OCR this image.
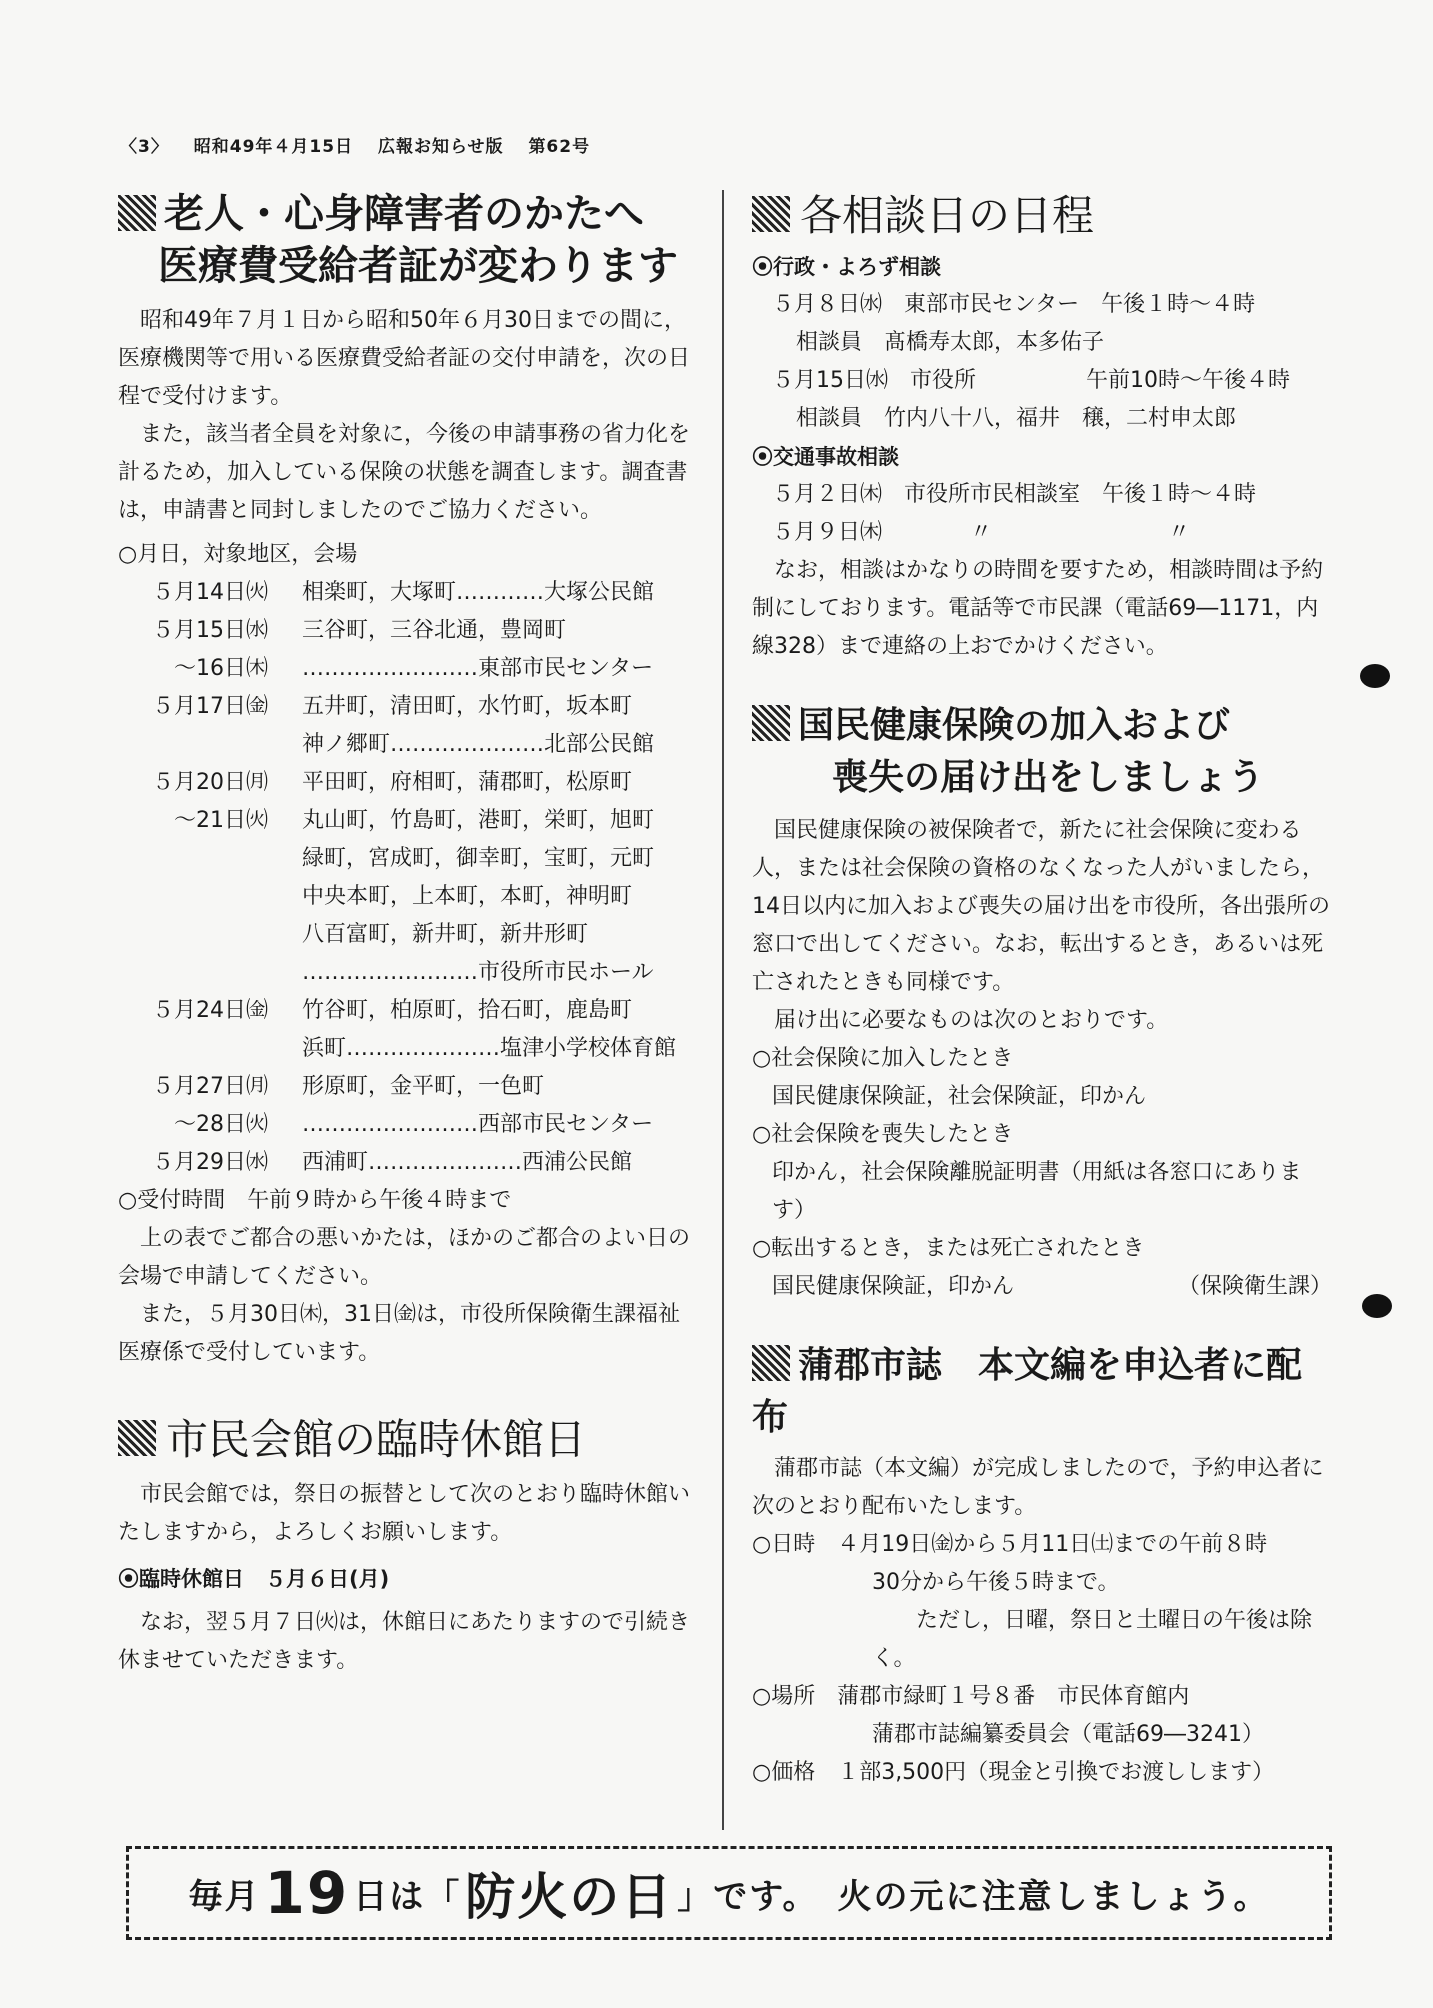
〈3〉 昭和49年４月15日 広報お知らせ版 第62号
老人・心身障害者のかたへ
医療費受給者証が変わります

昭和49年７月１日から昭和50年６月30日までの間に，医療機関等で用いる医療費受給者証の交付申請を，次の日程で受付けます。

また，該当者全員を対象に，今後の申請事務の省力化を計るため，加入している保険の状態を調査します。調査書は，申請書と同封しましたのでご協力ください。

○月日，対象地区，会場

５月14日㈫	相楽町，大塚町…………大塚公民館
５月15日㈬	三谷町，三谷北通，豊岡町
　～16日㈭	……………………東部市民センター
５月17日㈮	五井町，清田町，水竹町，坂本町
神ノ郷町…………………北部公民館
５月20日㈪	平田町，府相町，蒲郡町，松原町
　～21日㈫	丸山町，竹島町，港町，栄町，旭町
緑町，宮成町，御幸町，宝町，元町
中央本町，上本町，本町，神明町
八百富町，新井町，新井形町
……………………市役所市民ホール
５月24日㈮	竹谷町，柏原町，拾石町，鹿島町
浜町…………………塩津小学校体育館
５月27日㈪	形原町，金平町，一色町
　～28日㈫	……………………西部市民センター
５月29日㈬	西浦町…………………西浦公民館

○受付時間　午前９時から午後４時まで

上の表でご都合の悪いかたは，ほかのご都合のよい日の会場で申請してください。

また，５月30日㈭，31日㈮は，市役所保険衛生課福祉医療係で受付しています。

市民会館の臨時休館日

市民会館では，祭日の振替として次のとおり臨時休館いたしますから，よろしくお願いします。

⦿臨時休館日　５月６日(月)

なお，翌５月７日㈫は，休館日にあたりますので引続き休ませていただきます。

各相談日の日程

⦿行政・よろず相談

５月８日㈬　東部市民センター　午後１時～４時

相談員　髙橋寿太郎，本多佑子

５月15日㈬　市役所　　　　　午前10時～午後４時

相談員　竹内八十八，福井　穣，二村申太郎

⦿交通事故相談

５月２日㈭　市役所市民相談室　午後１時～４時

５月９日㈭　　　　〃　　　　　　　　〃

なお，相談はかなりの時間を要すため，相談時間は予約制にしております。電話等で市民課（電話69―1171，内線328）まで連絡の上おでかけください。

国民健康保険の加入および
喪失の届け出をしましょう

国民健康保険の被保険者で，新たに社会保険に変わる人，または社会保険の資格のなくなった人がいましたら，14日以内に加入および喪失の届け出を市役所，各出張所の窓口で出してください。なお，転出するとき，あるいは死亡されたときも同様です。

届け出に必要なものは次のとおりです。

○社会保険に加入したとき

国民健康保険証，社会保険証，印かん

○社会保険を喪失したとき

印かん，社会保険離脱証明書（用紙は各窓口にあります）

○転出するとき，または死亡されたとき

国民健康保険証，印かん	（保険衛生課）

蒲郡市誌　本文編を申込者に配布

蒲郡市誌（本文編）が完成しましたので，予約申込者に次のとおり配布いたします。

○日時　４月19日㈮から５月11日㈯までの午前８時

30分から午後５時まで。

ただし，日曜，祭日と土曜日の午後は除く。

○場所　蒲郡市緑町１号８番　市民体育館内

蒲郡市誌編纂委員会（電話69―3241）

○価格　１部3,500円（現金と引換でお渡しします）

毎月 19 日は「 防火の日 」です。　火の元に注意しましょう。
